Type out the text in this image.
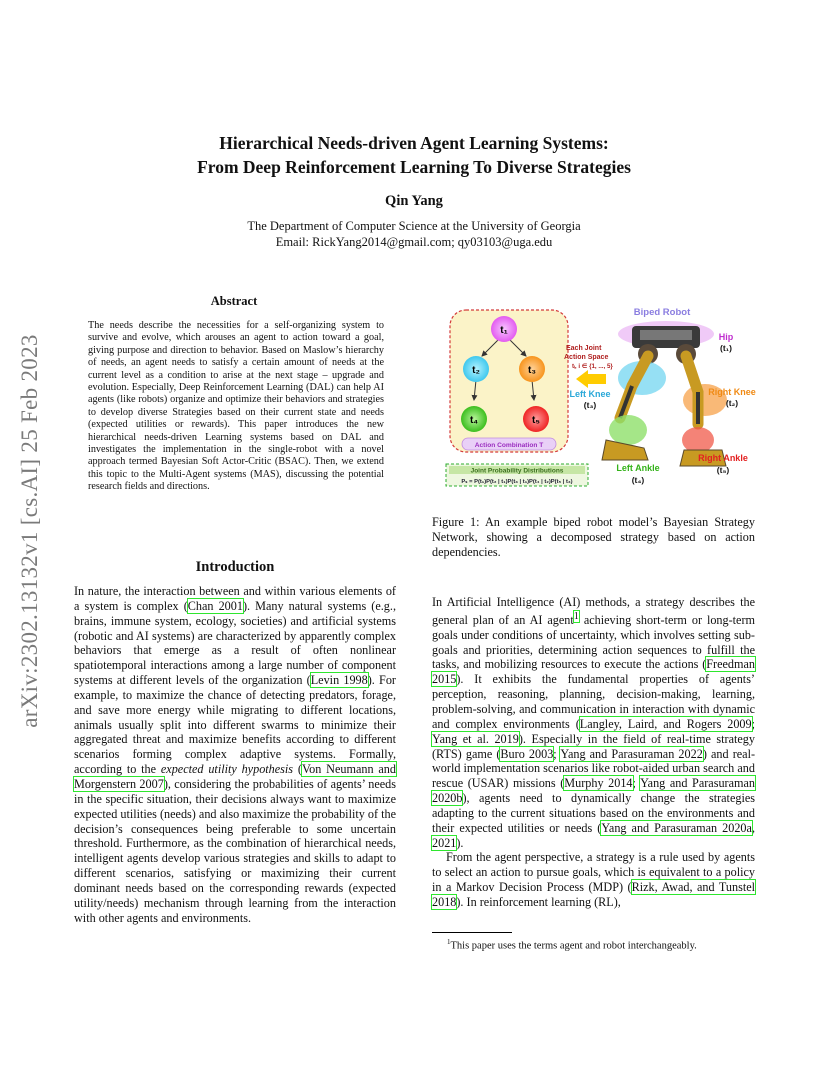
Hierarchical Needs-driven Agent Learning Systems:
From Deep Reinforcement Learning To Diverse Strategies
Qin Yang
The Department of Computer Science at the University of Georgia
Email: RickYang2014@gmail.com; qy03103@uga.edu
arXiv:2302.13132v1 [cs.AI] 25 Feb 2023
Abstract
The needs describe the necessities for a self-organizing system to survive and evolve, which arouses an agent to action toward a goal, giving purpose and direction to behavior. Based on Maslow’s hierarchy of needs, an agent needs to satisfy a certain amount of needs at the current level as a condition to arise at the next stage – upgrade and evolution. Especially, Deep Reinforcement Learning (DAL) can help AI agents (like robots) organize and optimize their behaviors and strategies to develop diverse Strategies based on their current state and needs (expected utilities or rewards). This paper introduces the new hierarchical needs-driven Learning systems based on DAL and investigates the implementation in the single-robot with a novel approach termed Bayesian Soft Actor-Critic (BSAC). Then, we extend this topic to the Multi-Agent systems (MAS), discussing the potential research fields and directions.
Introduction

In nature, the interaction between and within various elements of a system is complex (Chan 2001). Many natural systems (e.g., brains, immune system, ecology, societies) and artificial systems (robotic and AI systems) are characterized by apparently complex behaviors that emerge as a result of often nonlinear spatiotemporal interactions among a large number of component systems at different levels of the organization (Levin 1998). For example, to maximize the chance of detecting predators, forage, and save more energy while migrating to different locations, animals usually split into different swarms to minimize their aggregated threat and maximize benefits according to different scenarios forming complex adaptive systems. Formally, according to the expected utility hypothesis (Von Neumann and Morgenstern 2007), considering the probabilities of agents’ needs in the specific situation, their decisions always want to maximize expected utilities (needs) and also maximize the probability of the decision’s consequences being preferable to some uncertain threshold. Furthermore, as the combination of hierarchical needs, intelligent agents develop various strategies and skills to adapt to different scenarios, satisfying or maximizing their current dominant needs based on the corresponding rewards (expected utility/needs) mechanism through learning from the interaction with other agents and environments.

t₁
t₂	t₃
t₄	t₅
Action Combination T
Joint Probability Distributions
Pₛ = P(t₁)P(t₂ | t₁)P(t₃ | t₁)P(t₄ | t₂)P(t₅ | t₃)
Each Joint
Action Space
tᵢ, i ∈ {1, ..., 5}
Biped Robot
Hip
(t₁)
Right Knee
(t₂)
Left Knee
(t₃)
Right Ankle
(t₅)
Left Ankle
(t₄)
Figure 1: An example biped robot model’s Bayesian Strategy Network, showing a decomposed strategy based on action dependencies.

In Artificial Intelligence (AI) methods, a strategy describes the general plan of an AI agent$^1$ achieving short-term or long-term goals under conditions of uncertainty, which involves setting sub-goals and priorities, determining action sequences to fulfill the tasks, and mobilizing resources to execute the actions (Freedman 2015). It exhibits the fundamental properties of agents’ perception, reasoning, planning, decision-making, learning, problem-solving, and communication in interaction with dynamic and complex environments (Langley, Laird, and Rogers 2009; Yang et al. 2019). Especially in the field of real-time strategy (RTS) game (Buro 2003; Yang and Parasuraman 2022) and real-world implementation scenarios like robot-aided urban search and rescue (USAR) missions (Murphy 2014; Yang and Parasuraman 2020b), agents need to dynamically change the strategies adapting to the current situations based on the environments and their expected utilities or needs (Yang and Parasuraman 2020a, 2021).

From the agent perspective, a strategy is a rule used by agents to select an action to pursue goals, which is equivalent to a policy in a Markov Decision Process (MDP) (Rizk, Awad, and Tunstel 2018). In reinforcement learning (RL),

$^1$This paper uses the terms agent and robot interchangeably.
